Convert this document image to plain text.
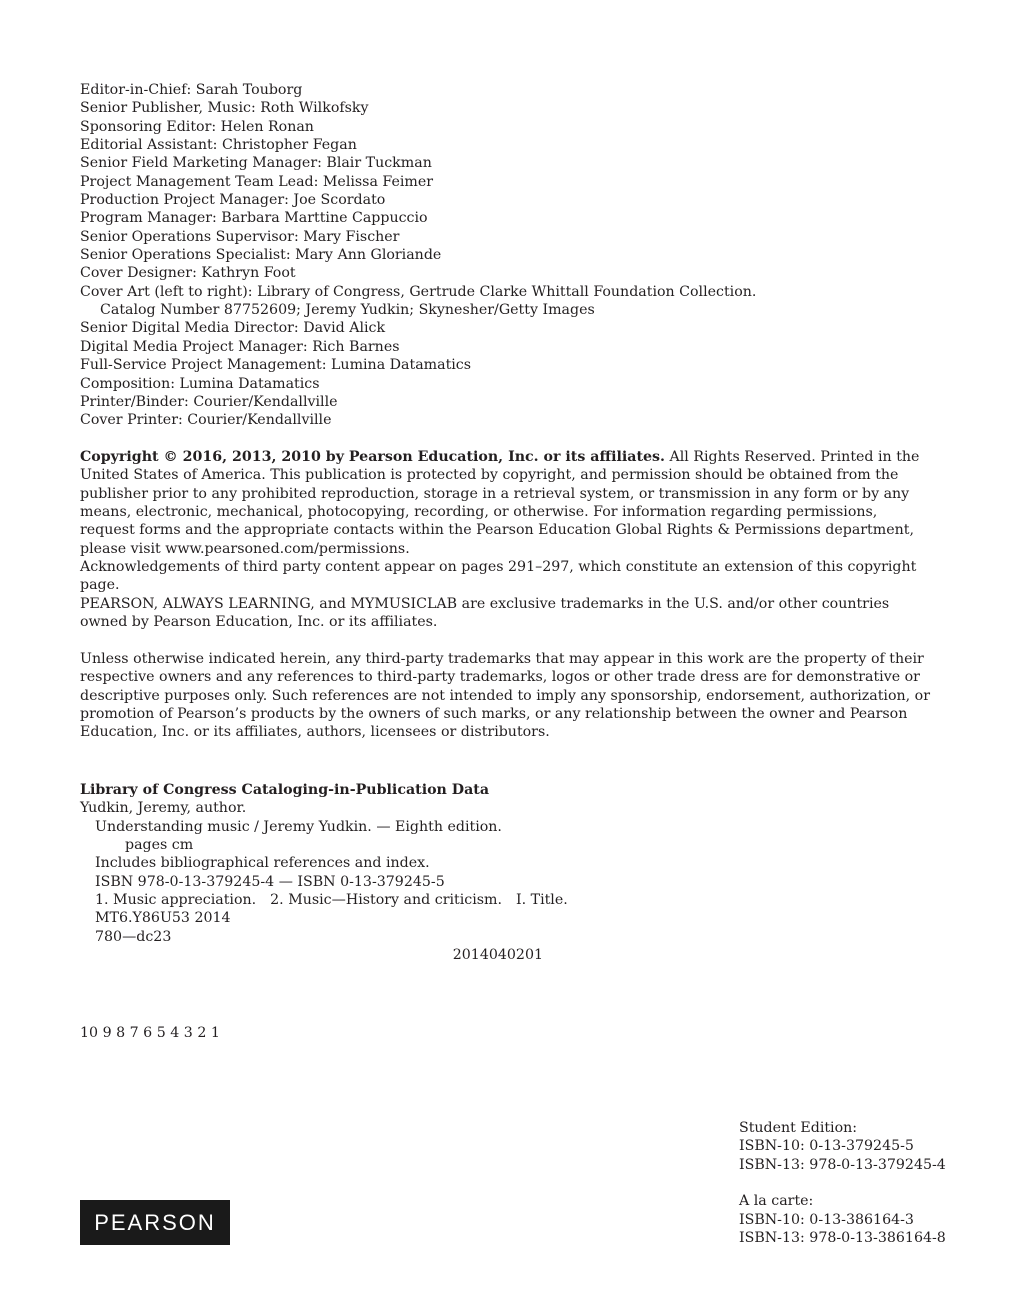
Editor-in-Chief: Sarah Touborg
Senior Publisher, Music: Roth Wilkofsky
Sponsoring Editor: Helen Ronan
Editorial Assistant: Christopher Fegan
Senior Field Marketing Manager: Blair Tuckman
Project Management Team Lead: Melissa Feimer
Production Project Manager: Joe Scordato
Program Manager: Barbara Marttine Cappuccio
Senior Operations Supervisor: Mary Fischer
Senior Operations Specialist: Mary Ann Gloriande
Cover Designer: Kathryn Foot
Cover Art (left to right): Library of Congress, Gertrude Clarke Whittall Foundation Collection.
Catalog Number 87752609; Jeremy Yudkin; Skynesher/Getty Images
Senior Digital Media Director: David Alick
Digital Media Project Manager: Rich Barnes
Full-Service Project Management: Lumina Datamatics
Composition: Lumina Datamatics
Printer/Binder: Courier/Kendallville
Cover Printer: Courier/Kendallville

Copyright © 2016, 2013, 2010 by Pearson Education, Inc. or its affiliates. All Rights Reserved. Printed in the United States of America. This publication is protected by copyright, and permission should be obtained from the publisher prior to any prohibited reproduction, storage in a retrieval system, or transmission in any form or by any means, electronic, mechanical, photocopying, recording, or otherwise. For information regarding permissions, request forms and the appropriate contacts within the Pearson Education Global Rights & Permissions department, please visit www.pearsoned.com/permissions.

Acknowledgements of third party content appear on pages 291–297, which constitute an extension of this copyright page.

PEARSON, ALWAYS LEARNING, and MYMUSICLAB are exclusive trademarks in the U.S. and/or other countries owned by Pearson Education, Inc. or its affiliates.

Unless otherwise indicated herein, any third-party trademarks that may appear in this work are the property of their respective owners and any references to third-party trademarks, logos or other trade dress are for demonstrative or descriptive purposes only. Such references are not intended to imply any sponsorship, endorsement, authorization, or promotion of Pearson’s products by the owners of such marks, or any relationship between the owner and Pearson Education, Inc. or its affiliates, authors, licensees or distributors.

Library of Congress Cataloging-in-Publication Data
Yudkin, Jeremy, author.
Understanding music / Jeremy Yudkin. — Eighth edition.
pages cm
Includes bibliographical references and index.
ISBN 978-0-13-379245-4 — ISBN 0-13-379245-5
1. Music appreciation. 2. Music—History and criticism. I. Title.
MT6.Y86U53 2014
780—dc23
2014040201
10 9 8 7 6 5 4 3 2 1
Student Edition:
ISBN-10: 0-13-379245-5
ISBN-13: 978-0-13-379245-4
A la carte:
ISBN-10: 0-13-386164-3
ISBN-13: 978-0-13-386164-8
PEARSON
